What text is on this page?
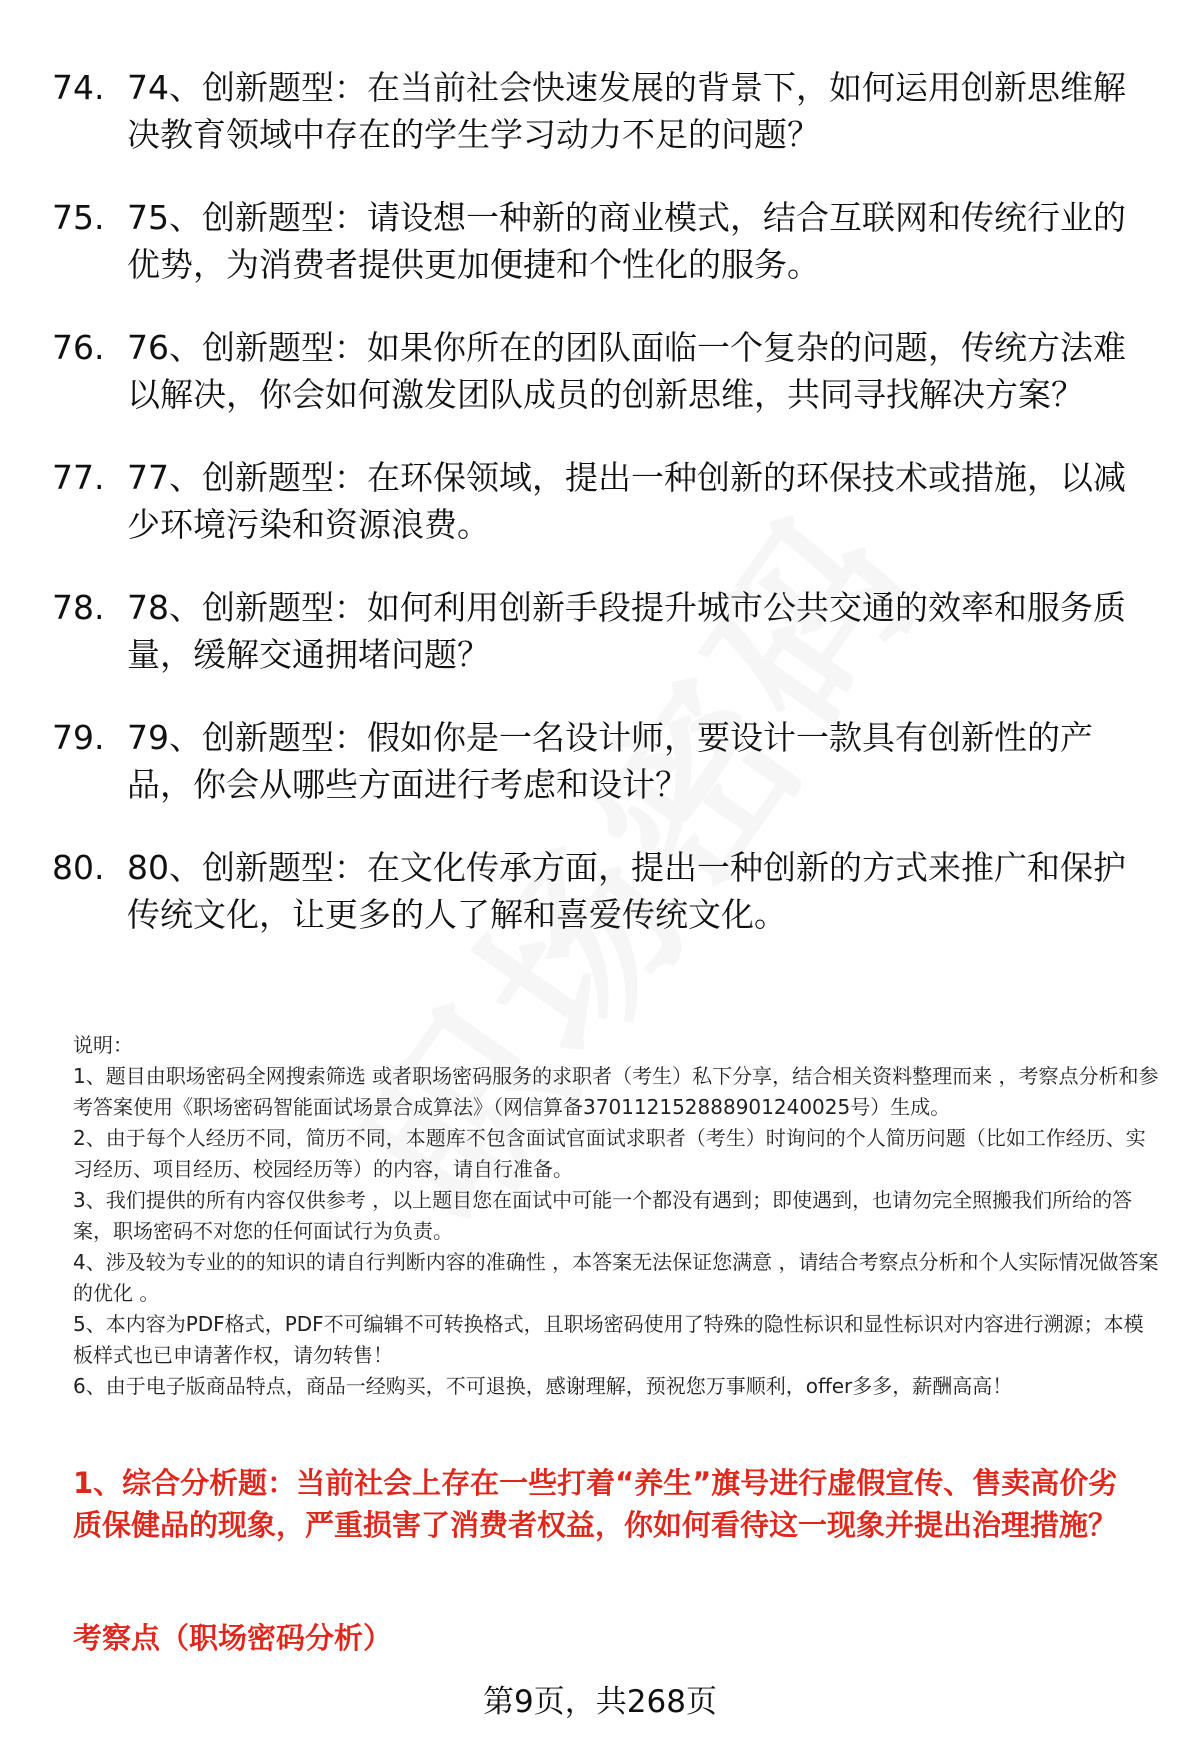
74. 74、创新题型：在当前社会快速发展的背景下，如何运用创新思维解决教育领域中存在的学生学习动力不足的问题？
75. 75、创新题型：请设想一种新的商业模式，结合互联网和传统行业的优势，为消费者提供更加便捷和个性化的服务。
76. 76、创新题型：如果你所在的团队面临一个复杂的问题，传统方法难以解决，你会如何激发团队成员的创新思维，共同寻找解决方案？
77. 77、创新题型：在环保领域，提出一种创新的环保技术或措施，以减少环境污染和资源浪费。
78. 78、创新题型：如何利用创新手段提升城市公共交通的效率和服务质量，缓解交通拥堵问题？
79. 79、创新题型：假如你是一名设计师，要设计一款具有创新性的产品，你会从哪些方面进行考虑和设计？
80. 80、创新题型：在文化传承方面，提出一种创新的方式来推广和保护传统文化，让更多的人了解和喜爱传统文化。

说明：

1、题目由职场密码全网搜索筛选 或者职场密码服务的求职者（考生）私下分享，结合相关资料整理而来 ，考察点分析和参考答案使用《职场密码智能面试场景合成算法》（网信算备370112152888901240025号）生成。

2、由于每个人经历不同，简历不同，本题库不包含面试官面试求职者（考生）时询问的个人简历问题（比如工作经历、实习经历、项目经历、校园经历等）的内容，请自行准备。

3、我们提供的所有内容仅供参考 ，以上题目您在面试中可能一个都没有遇到；即使遇到，也请勿完全照搬我们所给的答案，职场密码不对您的任何面试行为负责。

4、涉及较为专业的的知识的请自行判断内容的准确性 ，本答案无法保证您满意 ，请结合考察点分析和个人实际情况做答案的优化 。

5、本内容为PDF格式，PDF不可编辑不可转换格式，且职场密码使用了特殊的隐性标识和显性标识对内容进行溯源；本模板样式也已申请著作权，请勿转售！

6、由于电子版商品特点，商品一经购买，不可退换，感谢理解，预祝您万事顺利，offer多多，薪酬高高！

1、综合分析题：当前社会上存在一些打着“养生”旗号进行虚假宣传、售卖高价劣质保健品的现象，严重损害了消费者权益，你如何看待这一现象并提出治理措施？
考察点（职场密码分析）
第9页，共268页
